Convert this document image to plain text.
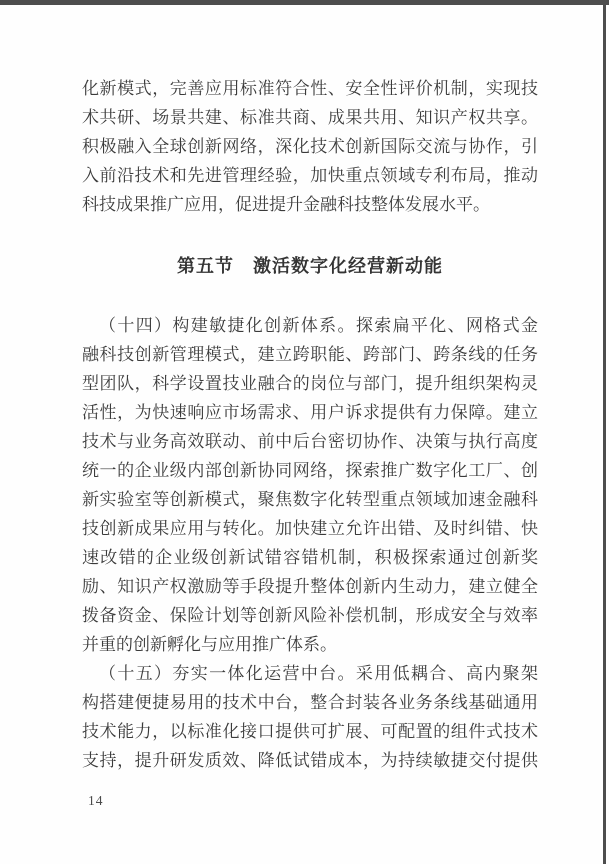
化新模式，完善应用标准符合性、安全性评价机制，实现技
术共研、场景共建、标准共商、成果共用、知识产权共享。
积极融入全球创新网络，深化技术创新国际交流与协作，引
入前沿技术和先进管理经验，加快重点领域专利布局，推动
科技成果推广应用，促进提升金融科技整体发展水平。
第五节　激活数字化经营新动能
（十四）构建敏捷化创新体系。探索扁平化、网格式金
融科技创新管理模式，建立跨职能、跨部门、跨条线的任务
型团队，科学设置技业融合的岗位与部门，提升组织架构灵
活性，为快速响应市场需求、用户诉求提供有力保障。建立
技术与业务高效联动、前中后台密切协作、决策与执行高度
统一的企业级内部创新协同网络，探索推广数字化工厂、创
新实验室等创新模式，聚焦数字化转型重点领域加速金融科
技创新成果应用与转化。加快建立允许出错、及时纠错、快
速改错的企业级创新试错容错机制，积极探索通过创新奖
励、知识产权激励等手段提升整体创新内生动力，建立健全
拨备资金、保险计划等创新风险补偿机制，形成安全与效率
并重的创新孵化与应用推广体系。
（十五）夯实一体化运营中台。采用低耦合、高内聚架
构搭建便捷易用的技术中台，整合封装各业务条线基础通用
技术能力，以标准化接口提供可扩展、可配置的组件式技术
支持，提升研发质效、降低试错成本，为持续敏捷交付提供
14
